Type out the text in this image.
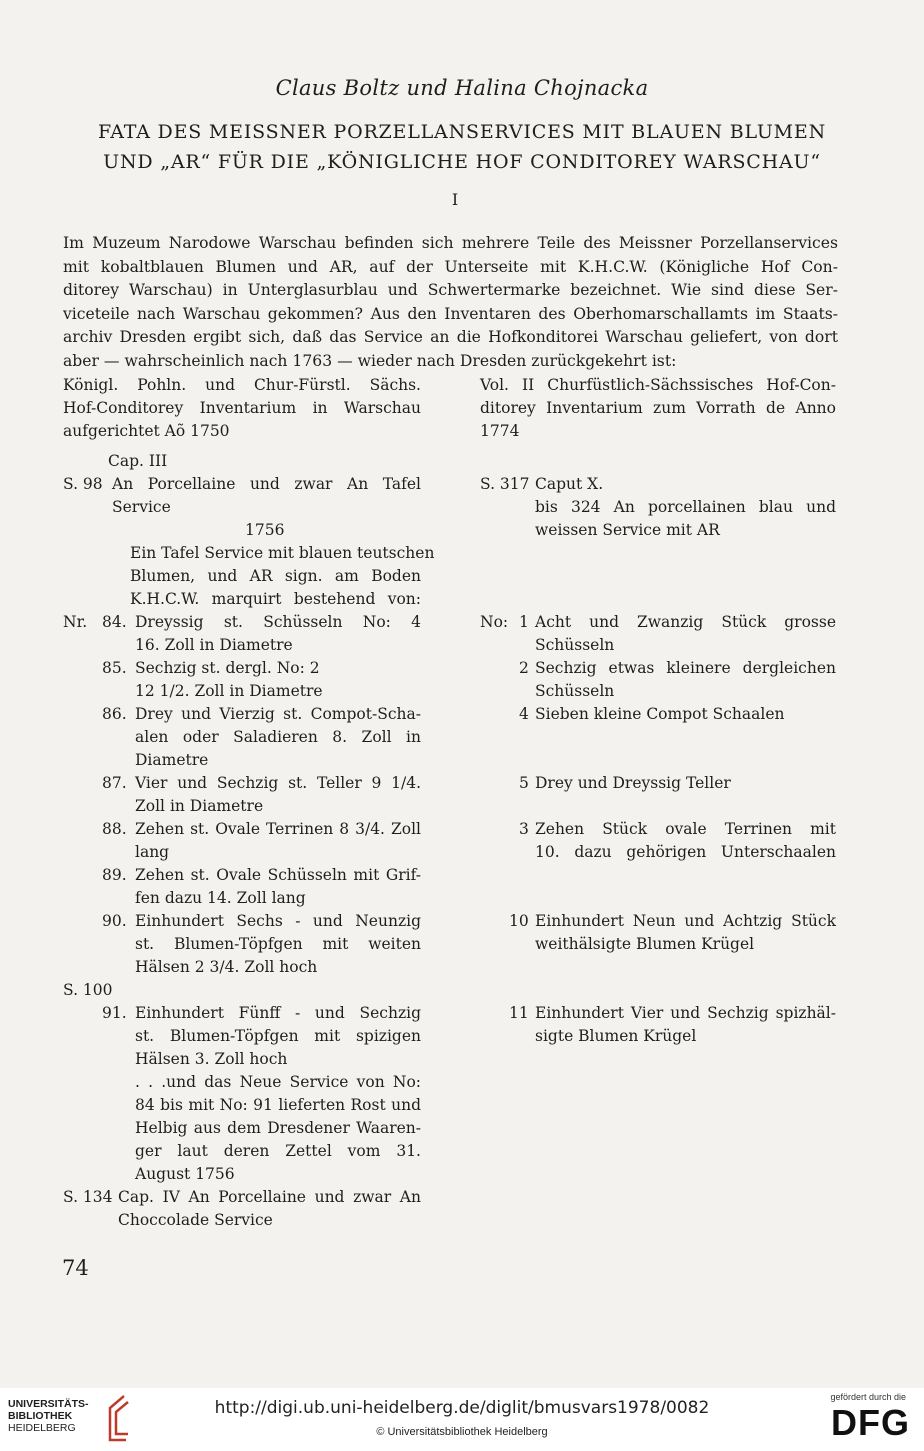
Claus Boltz und Halina Chojnacka
FATA DES MEISSNER PORZELLANSERVICES MIT BLAUEN BLUMEN
UND „AR“ FÜR DIE „KÖNIGLICHE HOF CONDITOREY WARSCHAU“
I
Im Muzeum Narodowe Warschau befinden sich mehrere Teile des Meissner Porzellanservices
mit kobaltblauen Blumen und AR, auf der Unterseite mit K.H.C.W. (Königliche Hof Con-
ditorey Warschau) in Unterglasurblau und Schwertermarke bezeichnet. Wie sind diese Ser-
viceteile nach Warschau gekommen? Aus den Inventaren des Oberhomarschallamts im Staats-
archiv Dresden ergibt sich, daß das Service an die Hofkonditorei Warschau geliefert, von dort
aber — wahrscheinlich nach 1763 — wieder nach Dresden zurückgekehrt ist:
Königl. Pohln. und Chur-Fürstl. Sächs.
Hof-Conditorey Inventarium in Warschau
aufgerichtet Aõ 1750
Cap. III
S. 98 An Porcellaine und zwar An Tafel
Service
1756
Ein Tafel Service mit blauen teutschen
Blumen, und AR sign. am Boden
K.H.C.W. marquirt bestehend von:
Nr. 84. Dreyssig st. Schüsseln No: 4
16. Zoll in Diametre
85. Sechzig st. dergl. No: 2
12 1/2. Zoll in Diametre
86. Drey und Vierzig st. Compot-Scha-
alen oder Saladieren 8. Zoll in
Diametre
87. Vier und Sechzig st. Teller 9 1/4.
Zoll in Diametre
88. Zehen st. Ovale Terrinen 8 3/4. Zoll
lang
89. Zehen st. Ovale Schüsseln mit Grif-
fen dazu 14. Zoll lang
90. Einhundert Sechs - und Neunzig
st. Blumen-Töpfgen mit weiten
Hälsen 2 3/4. Zoll hoch
S. 100
91. Einhundert Fünff - und Sechzig
st. Blumen-Töpfgen mit spizigen
Hälsen 3. Zoll hoch
. . .und das Neue Service von No:
84 bis mit No: 91 lieferten Rost und
Helbig aus dem Dresdener Waaren-
ger laut deren Zettel vom 31.
August 1756
S. 134 Cap. IV An Porcellaine und zwar An
Choccolade Service
Vol. II Churfüstlich-Sächssisches Hof-Con-
ditorey Inventarium zum Vorrath de Anno
1774
S. 317 Caput X.
bis 324 An porcellainen blau und
weissen Service mit AR
No: 1 Acht und Zwanzig Stück grosse
Schüsseln
2 Sechzig etwas kleinere dergleichen
Schüsseln
4 Sieben kleine Compot Schaalen
5 Drey und Dreyssig Teller
3 Zehen Stück ovale Terrinen mit
10. dazu gehörigen Unterschaalen
10 Einhundert Neun und Achtzig Stück
weithälsigte Blumen Krügel
11 Einhundert Vier und Sechzig spizhäl-
sigte Blumen Krügel
74
UNIVERSITÄTS-
BIBLIOTHEK
HEIDELBERG
http://digi.ub.uni-heidelberg.de/diglit/bmusvars1978/0082
© Universitätsbibliothek Heidelberg
gefördert durch die
DFG
